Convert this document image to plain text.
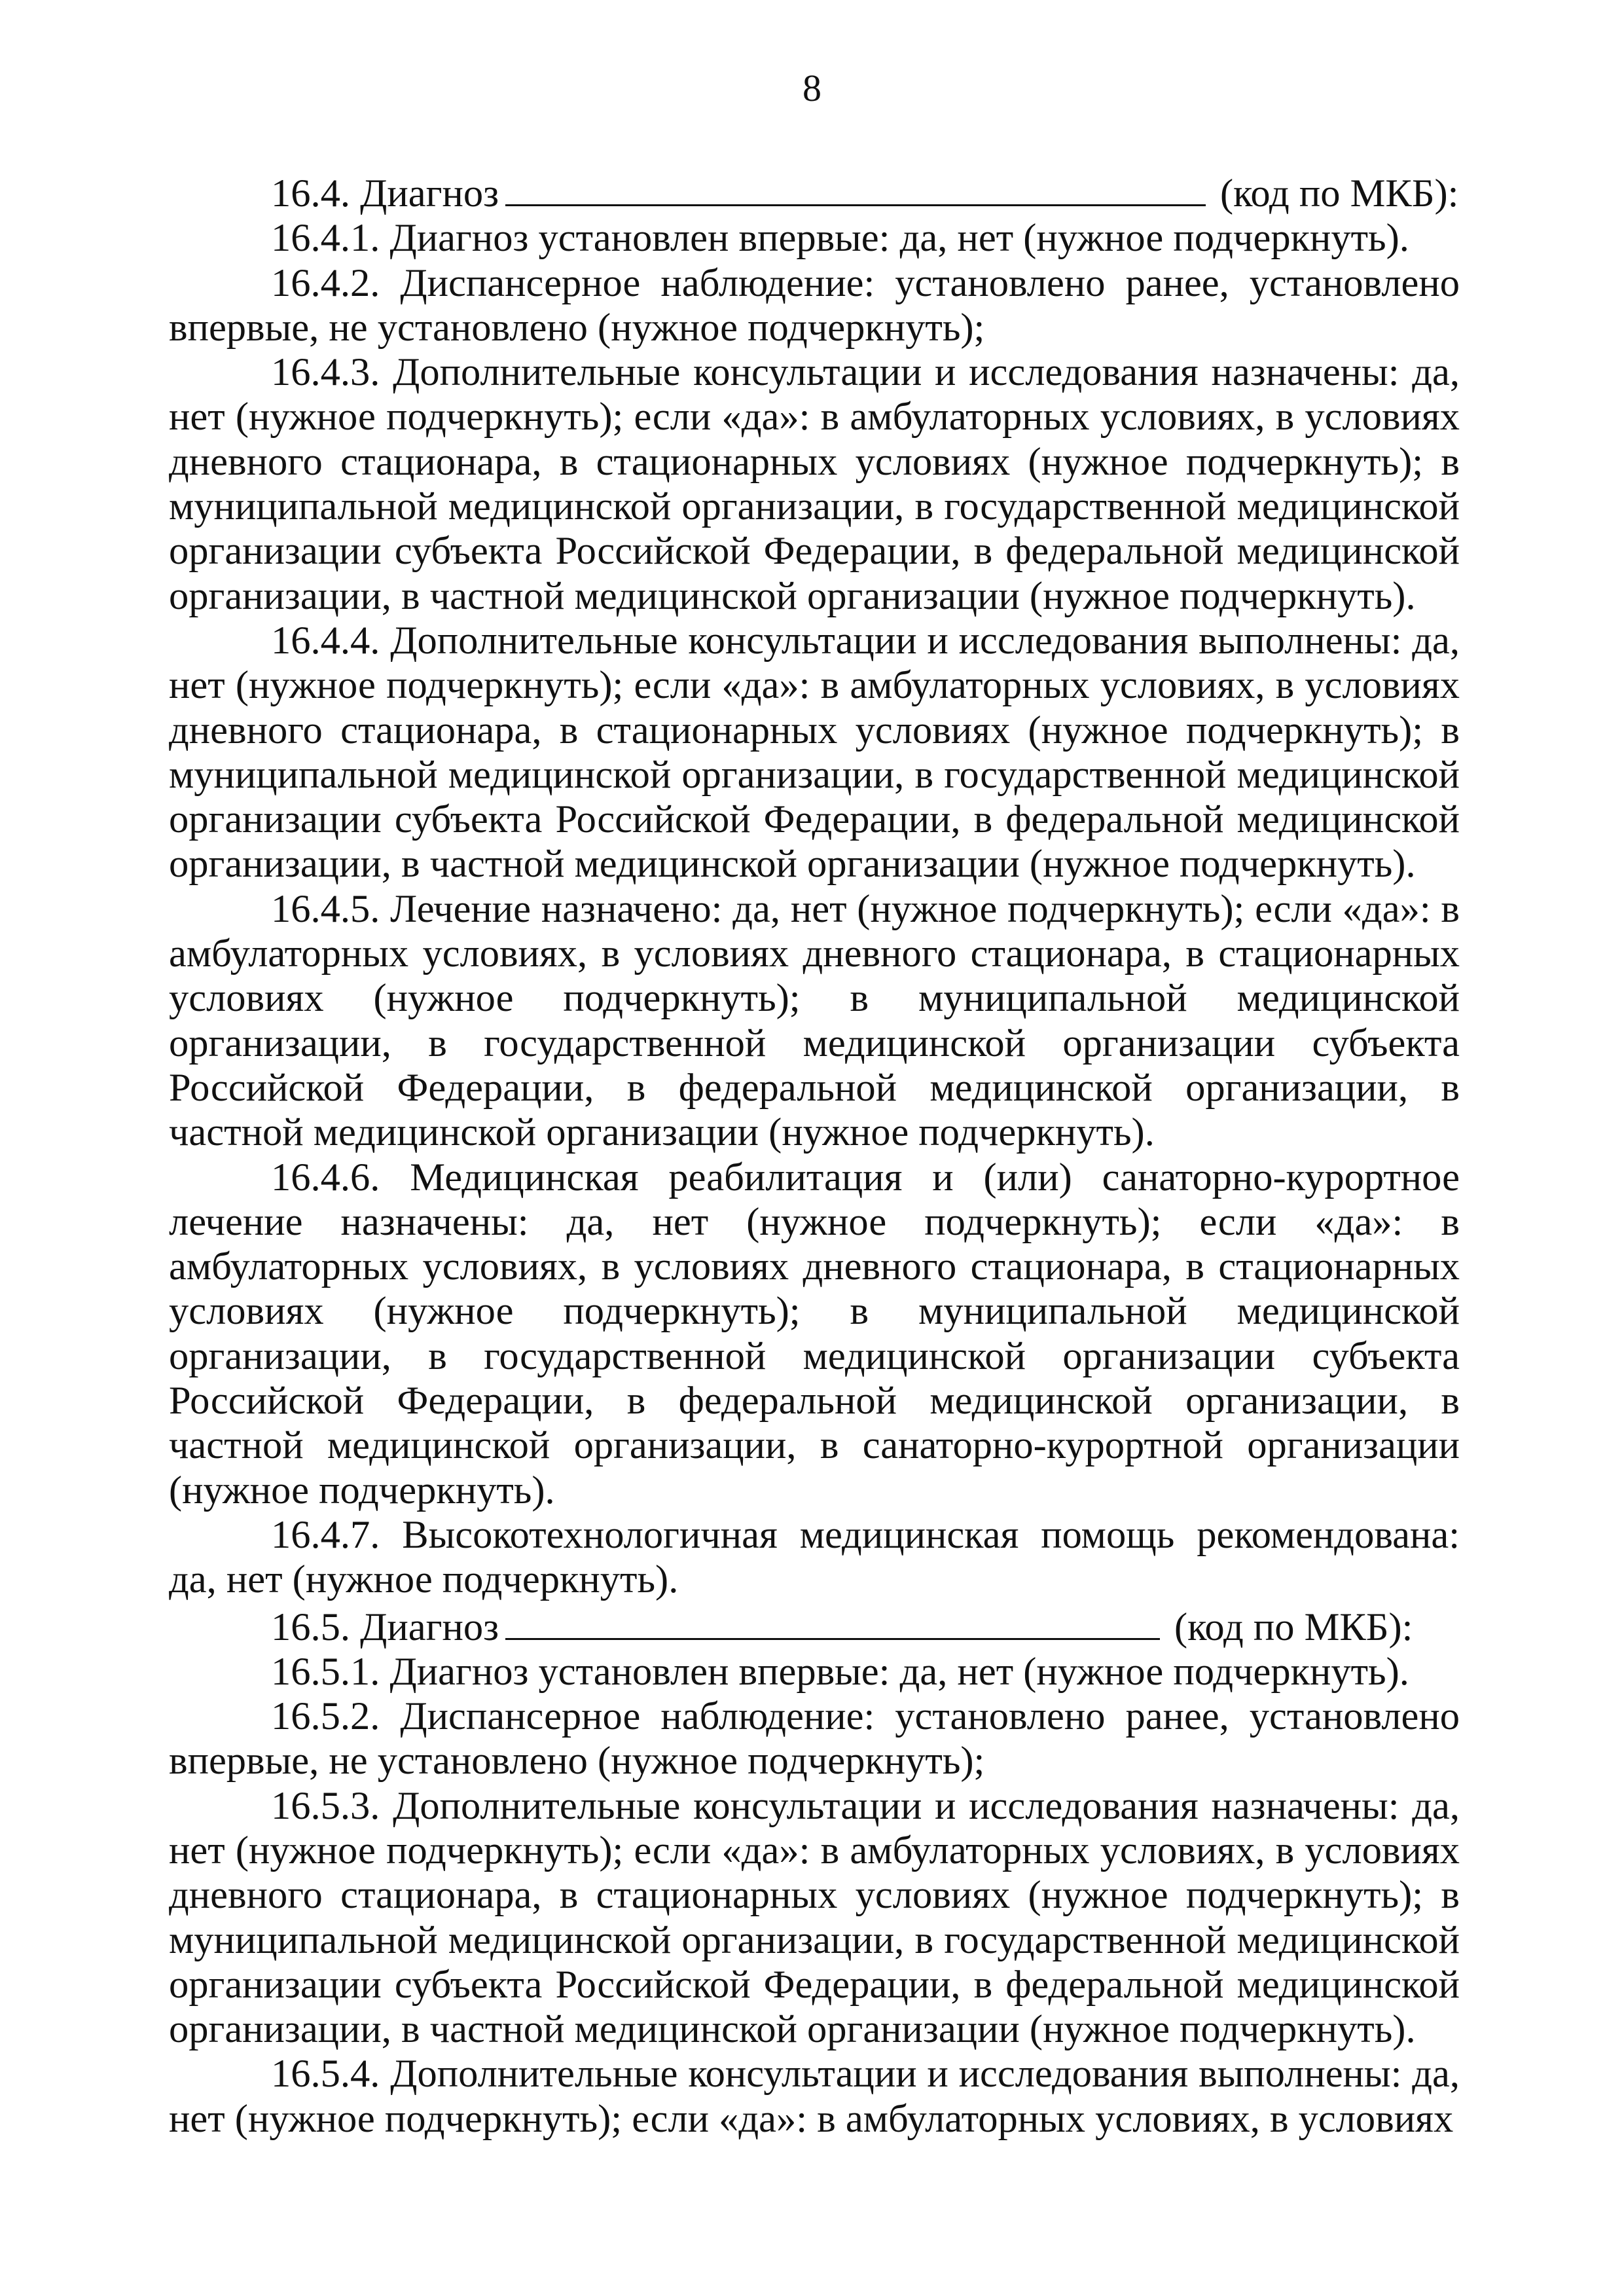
8
16.4. Диагноз	(код по МКБ):

16.4.1. Диагноз установлен впервые: да, нет (нужное подчеркнуть).

16.4.2. Диспансерное наблюдение: установлено ранее, установлено впервые, не установлено (нужное подчеркнуть);

16.4.3. Дополнительные консультации и исследования назначены: да, нет (нужное подчеркнуть); если «да»: в амбулаторных условиях, в условиях дневного стационара, в стационарных условиях (нужное подчеркнуть); в муниципальной медицинской организации, в государственной медицинской организации субъекта Российской Федерации, в федеральной медицинской организации, в частной медицинской организации (нужное подчеркнуть).

16.4.4. Дополнительные консультации и исследования выполнены: да, нет (нужное подчеркнуть); если «да»: в амбулаторных условиях, в условиях дневного стационара, в стационарных условиях (нужное подчеркнуть); в муниципальной медицинской организации, в государственной медицинской организации субъекта Российской Федерации, в федеральной медицинской организации, в частной медицинской организации (нужное подчеркнуть).

16.4.5. Лечение назначено: да, нет (нужное подчеркнуть); если «да»: в амбулаторных условиях, в условиях дневного стационара, в стационарных условиях (нужное подчеркнуть); в муниципальной медицинской организации, в государственной медицинской организации субъекта Российской Федерации, в федеральной медицинской организации, в частной медицинской организации (нужное подчеркнуть).

16.4.6. Медицинская реабилитация и (или) санаторно-курортное лечение назначены: да, нет (нужное подчеркнуть); если «да»: в амбулаторных условиях, в условиях дневного стационара, в стационарных условиях (нужное подчеркнуть); в муниципальной медицинской организации, в государственной медицинской организации субъекта Российской Федерации, в федеральной медицинской организации, в частной медицинской организации, в санаторно-курортной организации (нужное подчеркнуть).

16.4.7. Высокотехнологичная медицинская помощь рекомендована: да, нет (нужное подчеркнуть).

16.5. Диагноз	(код по МКБ):

16.5.1. Диагноз установлен впервые: да, нет (нужное подчеркнуть).

16.5.2. Диспансерное наблюдение: установлено ранее, установлено впервые, не установлено (нужное подчеркнуть);

16.5.3. Дополнительные консультации и исследования назначены: да, нет (нужное подчеркнуть); если «да»: в амбулаторных условиях, в условиях дневного стационара, в стационарных условиях (нужное подчеркнуть); в муниципальной медицинской организации, в государственной медицинской организации субъекта Российской Федерации, в федеральной медицинской организации, в частной медицинской организации (нужное подчеркнуть).

16.5.4. Дополнительные консультации и исследования выполнены: да, нет (нужное подчеркнуть); если «да»: в амбулаторных условиях, в условиях
